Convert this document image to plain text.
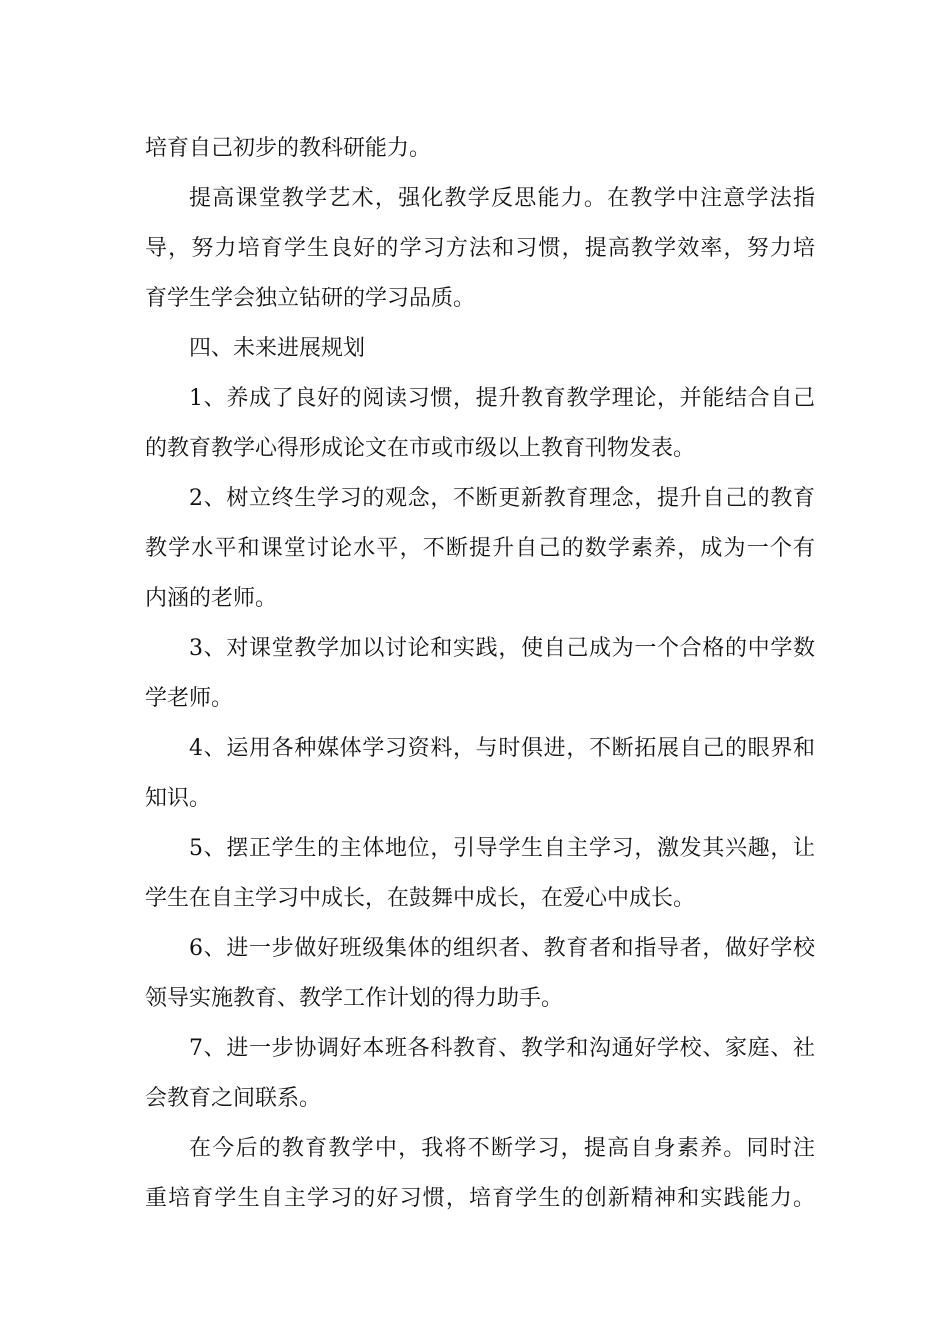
培育自己初步的教科研能力。
提高课堂教学艺术，强化教学反思能力。在教学中注意学法指
导，努力培育学生良好的学习方法和习惯，提高教学效率，努力培
育学生学会独立钻研的学习品质。
四、未来进展规划
1、养成了良好的阅读习惯，提升教育教学理论，并能结合自己
的教育教学心得形成论文在市或市级以上教育刊物发表。
2、树立终生学习的观念，不断更新教育理念，提升自己的教育
教学水平和课堂讨论水平，不断提升自己的数学素养，成为一个有
内涵的老师。
3、对课堂教学加以讨论和实践，使自己成为一个合格的中学数
学老师。
4、运用各种媒体学习资料，与时俱进，不断拓展自己的眼界和
知识。
5、摆正学生的主体地位，引导学生自主学习，激发其兴趣，让
学生在自主学习中成长，在鼓舞中成长，在爱心中成长。
6、进一步做好班级集体的组织者、教育者和指导者，做好学校
领导实施教育、教学工作计划的得力助手。
7、进一步协调好本班各科教育、教学和沟通好学校、家庭、社
会教育之间联系。
在今后的教育教学中，我将不断学习，提高自身素养。同时注
重培育学生自主学习的好习惯，培育学生的创新精神和实践能力。
